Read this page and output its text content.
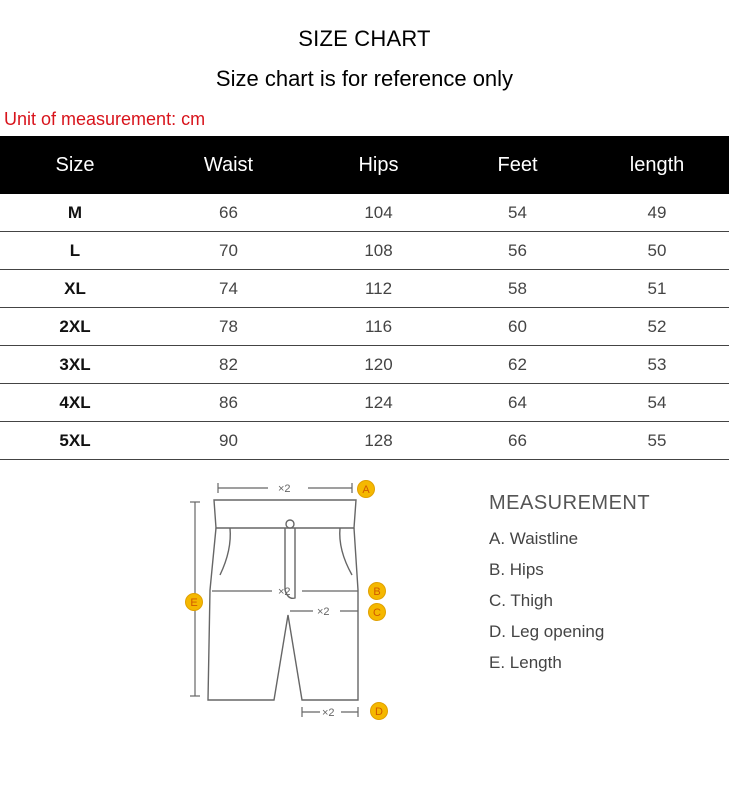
SIZE CHART
Size chart is for reference only
Unit of measurement: cm
Size	Waist	Hips	Feet	length
M	66	104	54	49
L	70	108	56	50
XL	74	112	58	51
2XL	78	116	60	52
3XL	82	120	62	53
4XL	86	124	64	54
5XL	90	128	66	55
×2
×2
×2
×2
A
B
C
D
E
MEASUREMENT
A. Waistline
B. Hips
C. Thigh
D. Leg opening
E. Length
